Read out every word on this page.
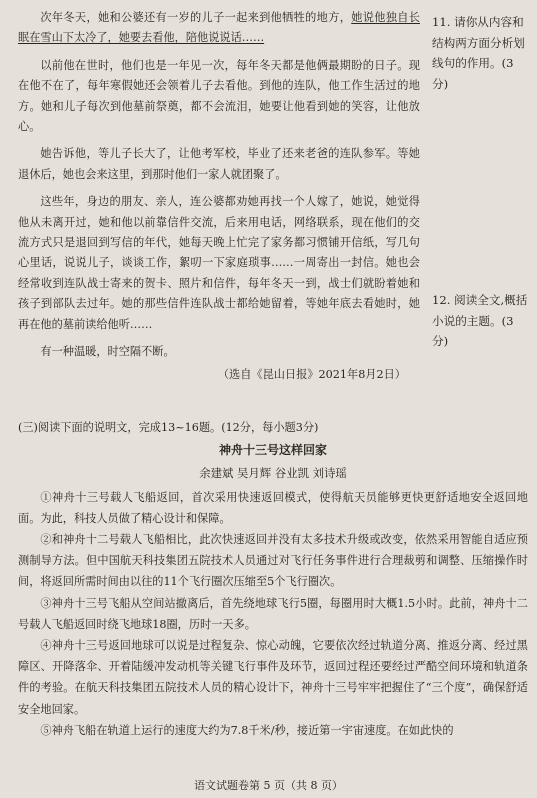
次年冬天，她和公婆还有一岁的儿子一起来到他牺牲的地方，她说他独自长眠在雪山下太冷了，她要去看他，陪他说说话……

以前他在世时，他们也是一年见一次，每年冬天都是他俩最期盼的日子。现在他不在了，每年寒假她还会领着儿子去看他。到他的连队，他工作生活过的地方。她和儿子每次到他墓前祭奠，都不会流泪，她要让他看到她的笑容，让他放心。

她告诉他，等儿子长大了，让他考军校，毕业了还来老爸的连队参军。等她退休后，她也会来这里，到那时他们一家人就团聚了。

这些年，身边的朋友、亲人，连公婆都劝她再找一个人嫁了，她说，她觉得他从未离开过，她和他以前靠信件交流，后来用电话，网络联系，现在他们的交流方式只是退回到写信的年代，她每天晚上忙完了家务都习惯铺开信纸，写几句心里话，说说儿子，谈谈工作，絮叨一下家庭琐事……一周寄出一封信。她也会经常收到连队战士寄来的贺卡、照片和信件，每年冬天一到，战士们就盼着她和孩子到部队去过年。她的那些信件连队战士都给她留着，等她年底去看她时，她再在他的墓前读给他听……

有一种温暖，时空隔不断。

（选自《昆山日报》2021年8月2日）

11. 请你从内容和结构两方面分析划线句的作用。(3分)
12. 阅读全文,概括小说的主题。(3分)

(三)阅读下面的说明文，完成13~16题。(12分，每小题3分)

神舟十三号这样回家

余建斌 吴月辉 谷业凯 刘诗瑶

①神舟十三号载人飞船返回，首次采用快速返回模式，使得航天员能够更快更舒适地安全返回地面。为此，科技人员做了精心设计和保障。

②和神舟十二号载人飞船相比，此次快速返回并没有太多技术升级或改变，依然采用智能自适应预测制导方法。但中国航天科技集团五院技术人员通过对飞行任务事件进行合理裁剪和调整、压缩操作时间，将返回所需时间由以往的11个飞行圈次压缩至5个飞行圈次。

③神舟十三号飞船从空间站撤离后，首先绕地球飞行5圈，每圈用时大概1.5小时。此前，神舟十二号载人飞船返回时绕飞地球18圈，历时一天多。

④神舟十三号返回地球可以说是过程复杂、惊心动魄，它要依次经过轨道分离、推返分离、经过黑障区、开降落伞、开着陆缓冲发动机等关键飞行事件及环节，返回过程还要经过严酷空间环境和轨道条件的考验。在航天科技集团五院技术人员的精心设计下，神舟十三号牢牢把握住了“三个度”，确保舒适安全地回家。

⑤神舟飞船在轨道上运行的速度大约为7.8千米/秒，接近第一宇宙速度。在如此快的

语文试题卷第 5 页（共 8 页）
